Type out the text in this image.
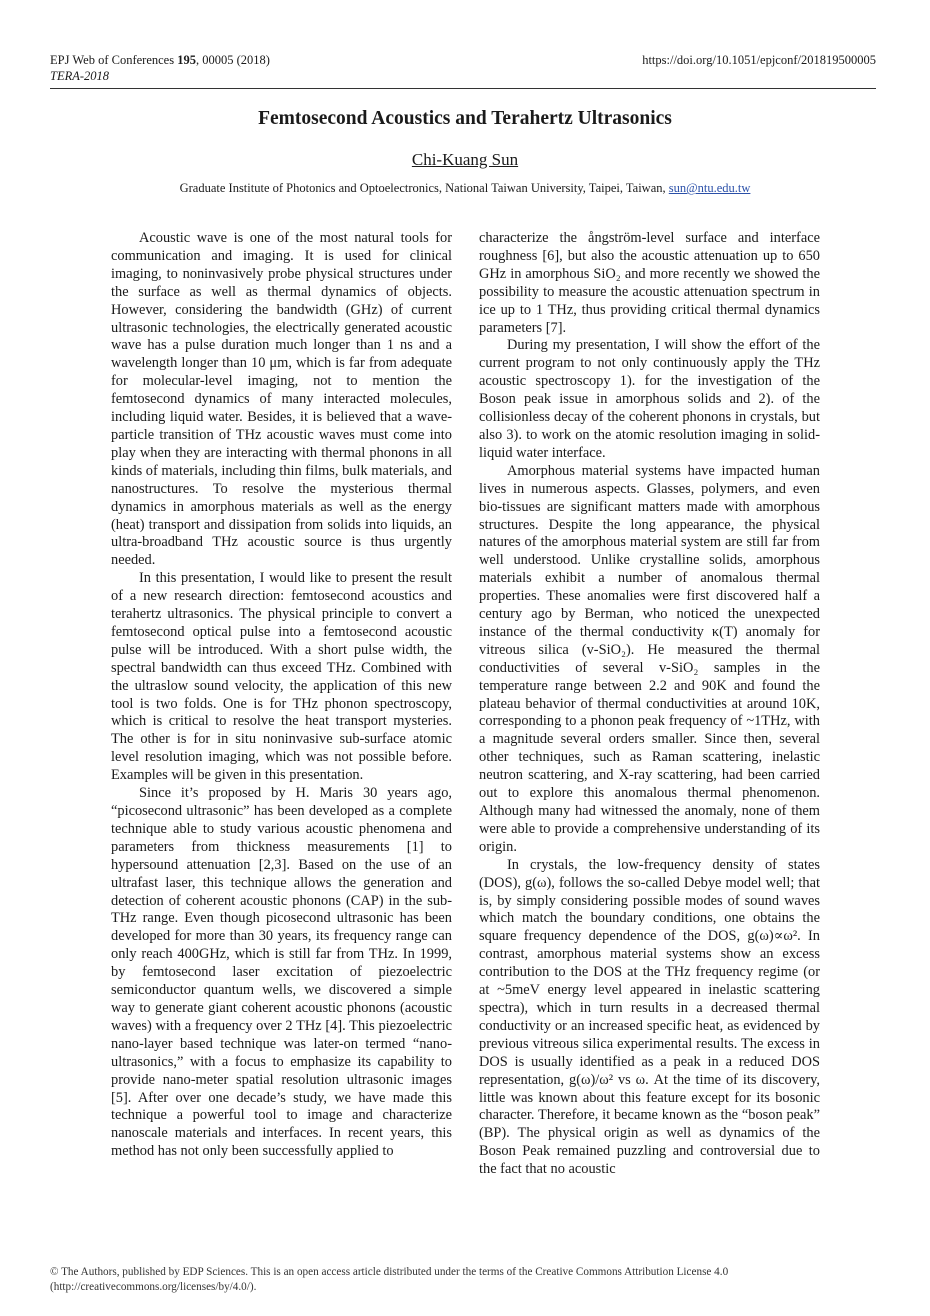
EPJ Web of Conferences 195, 00005 (2018)
TERA-2018
https://doi.org/10.1051/epjconf/201819500005
Femtosecond Acoustics and Terahertz Ultrasonics
Chi-Kuang Sun
Graduate Institute of Photonics and Optoelectronics, National Taiwan University, Taipei, Taiwan, sun@ntu.edu.tw

Acoustic wave is one of the most natural tools for communication and imaging. It is used for clinical imaging, to noninvasively probe physical structures under the surface as well as thermal dynamics of objects. However, considering the bandwidth (GHz) of current ultrasonic technologies, the electrically generated acoustic wave has a pulse duration much longer than 1 ns and a wavelength longer than 10 μm, which is far from adequate for molecular-level imaging, not to mention the femtosecond dynamics of many interacted molecules, including liquid water. Besides, it is believed that a wave-particle transition of THz acoustic waves must come into play when they are interacting with thermal phonons in all kinds of materials, including thin films, bulk materials, and nanostructures. To resolve the mysterious thermal dynamics in amorphous materials as well as the energy (heat) transport and dissipation from solids into liquids, an ultra-broadband THz acoustic source is thus urgently needed.

In this presentation, I would like to present the result of a new research direction: femtosecond acoustics and terahertz ultrasonics. The physical principle to convert a femtosecond optical pulse into a femtosecond acoustic pulse will be introduced. With a short pulse width, the spectral bandwidth can thus exceed THz. Combined with the ultraslow sound velocity, the application of this new tool is two folds. One is for THz phonon spectroscopy, which is critical to resolve the heat transport mysteries. The other is for in situ noninvasive sub-surface atomic level resolution imaging, which was not possible before. Examples will be given in this presentation.

Since it’s proposed by H. Maris 30 years ago, “picosecond ultrasonic” has been developed as a complete technique able to study various acoustic phenomena and parameters from thickness measurements [1] to hypersound attenuation [2,3]. Based on the use of an ultrafast laser, this technique allows the generation and detection of coherent acoustic phonons (CAP) in the sub-THz range. Even though picosecond ultrasonic has been developed for more than 30 years, its frequency range can only reach 400GHz, which is still far from THz. In 1999, by femtosecond laser excitation of piezoelectric semiconductor quantum wells, we discovered a simple way to generate giant coherent acoustic phonons (acoustic waves) with a frequency over 2 THz [4]. This piezoelectric nano-layer based technique was later-on termed “nano-ultrasonics,” with a focus to emphasize its capability to provide nano-meter spatial resolution ultrasonic images [5]. After over one decade’s study, we have made this technique a powerful tool to image and characterize nanoscale materials and interfaces. In recent years, this method has not only been successfully applied to

characterize the ångström-level surface and interface roughness [6], but also the acoustic attenuation up to 650 GHz in amorphous SiO₂ and more recently we showed the possibility to measure the acoustic attenuation spectrum in ice up to 1 THz, thus providing critical thermal dynamics parameters [7].

During my presentation, I will show the effort of the current program to not only continuously apply the THz acoustic spectroscopy 1). for the investigation of the Boson peak issue in amorphous solids and 2). of the collisionless decay of the coherent phonons in crystals, but also 3). to work on the atomic resolution imaging in solid-liquid water interface.

Amorphous material systems have impacted human lives in numerous aspects. Glasses, polymers, and even bio-tissues are significant matters made with amorphous structures. Despite the long appearance, the physical natures of the amorphous material system are still far from well understood. Unlike crystalline solids, amorphous materials exhibit a number of anomalous thermal properties. These anomalies were first discovered half a century ago by Berman, who noticed the unexpected instance of the thermal conductivity κ(T) anomaly for vitreous silica (v-SiO₂). He measured the thermal conductivities of several v-SiO₂ samples in the temperature range between 2.2 and 90K and found the plateau behavior of thermal conductivities at around 10K, corresponding to a phonon peak frequency of ~1THz, with a magnitude several orders smaller. Since then, several other techniques, such as Raman scattering, inelastic neutron scattering, and X-ray scattering, had been carried out to explore this anomalous thermal phenomenon. Although many had witnessed the anomaly, none of them were able to provide a comprehensive understanding of its origin.

In crystals, the low-frequency density of states (DOS), g(ω), follows the so-called Debye model well; that is, by simply considering possible modes of sound waves which match the boundary conditions, one obtains the square frequency dependence of the DOS, g(ω)∝ω². In contrast, amorphous material systems show an excess contribution to the DOS at the THz frequency regime (or at ~5meV energy level appeared in inelastic scattering spectra), which in turn results in a decreased thermal conductivity or an increased specific heat, as evidenced by previous vitreous silica experimental results. The excess in DOS is usually identified as a peak in a reduced DOS representation, g(ω)/ω² vs ω. At the time of its discovery, little was known about this feature except for its bosonic character. Therefore, it became known as the “boson peak” (BP). The physical origin as well as dynamics of the Boson Peak remained puzzling and controversial due to the fact that no acoustic

© The Authors, published by EDP Sciences. This is an open access article distributed under the terms of the Creative Commons Attribution License 4.0 (http://creativecommons.org/licenses/by/4.0/).
